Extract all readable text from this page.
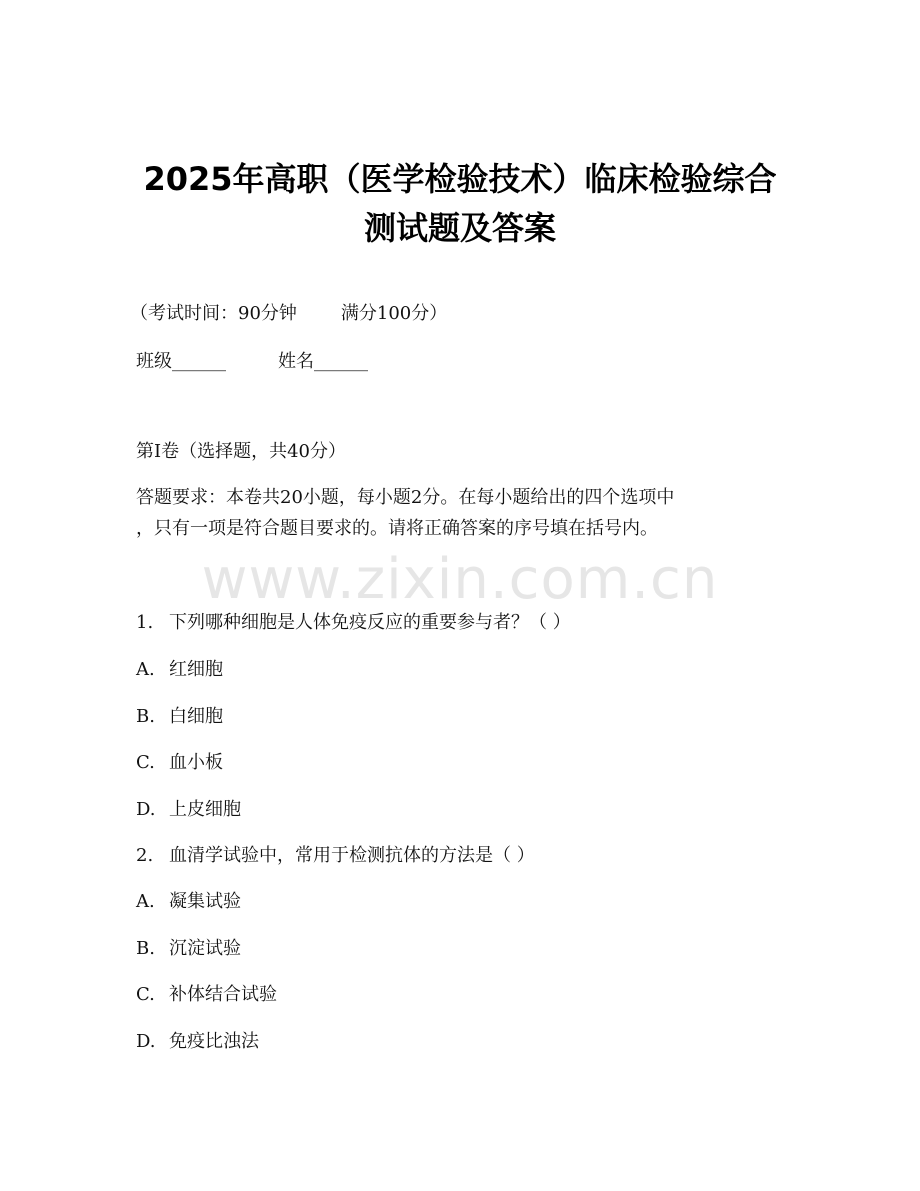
2025年高职（医学检验技术）临床检验综合
测试题及答案
（考试时间：90分钟 满分100分）
班级______	姓名______
第I卷（选择题，共40分）
答题要求：本卷共20小题，每小题2分。在每小题给出的四个选项中
，只有一项是符合题目要求的。请将正确答案的序号填在括号内。
www.zixin.com.cn
1. 下列哪种细胞是人体免疫反应的重要参与者？（ ）
A. 红细胞
B. 白细胞
C. 血小板
D. 上皮细胞
2. 血清学试验中，常用于检测抗体的方法是（ ）
A. 凝集试验
B. 沉淀试验
C. 补体结合试验
D. 免疫比浊法
